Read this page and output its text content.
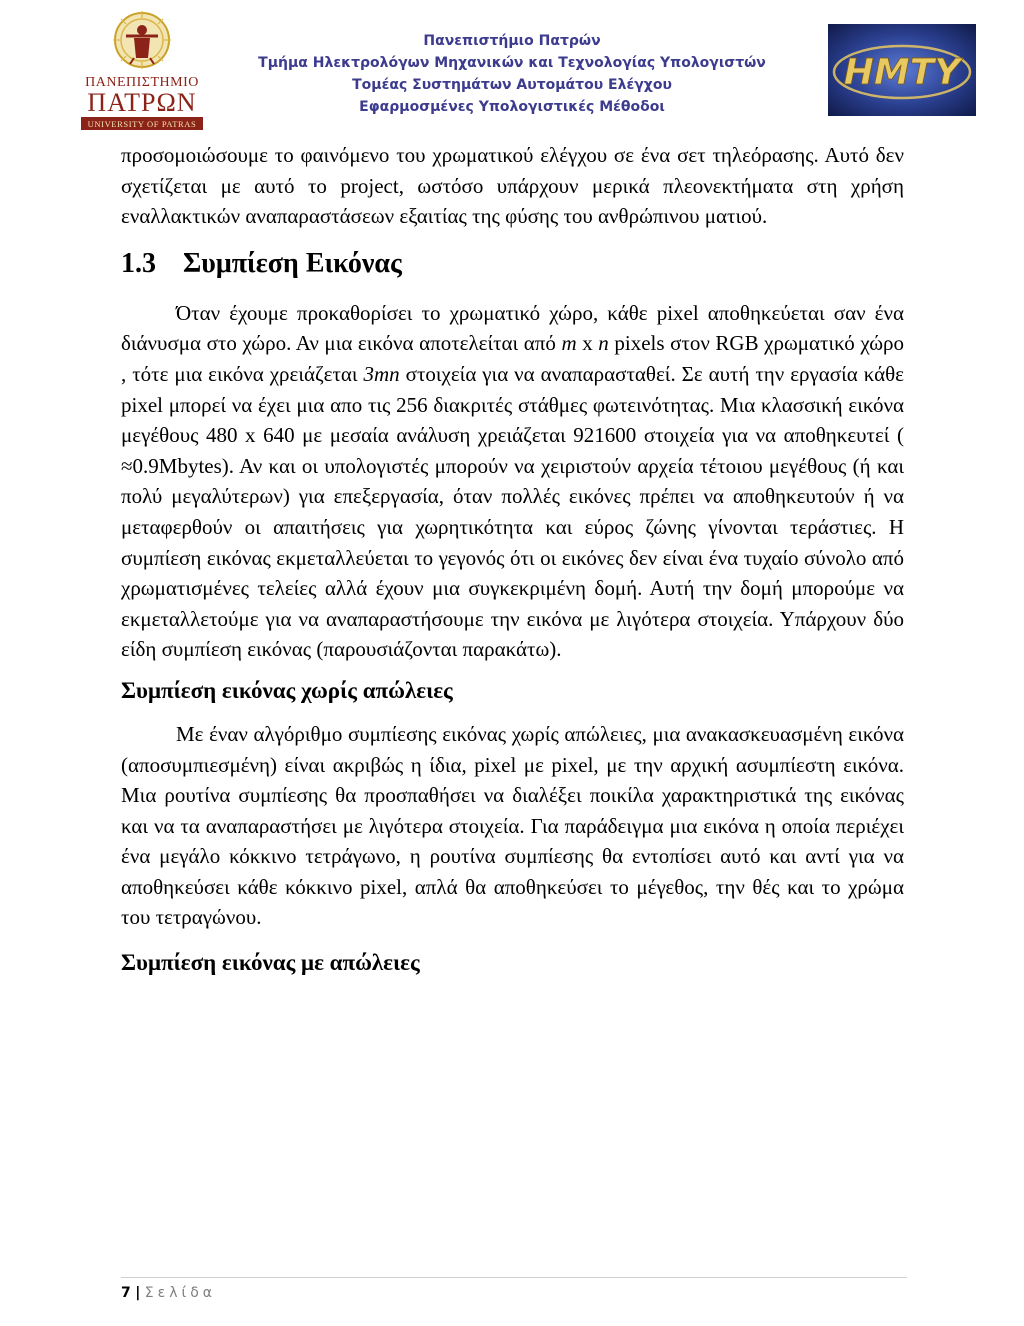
ΠΑΝΕΠΙΣΤΗΜΙΟ
ΠΑΤΡΩΝ
UNIVERSITY OF PATRAS
Πανεπιστήμιο Πατρών
Τμήμα Ηλεκτρολόγων Μηχανικών και Τεχνολογίας Υπολογιστών
Τομέας Συστημάτων Αυτομάτου Ελέγχου
Εφαρμοσμένες Υπολογιστικές Μέθοδοι
HMTY

προσομοιώσουμε το φαινόμενο του χρωματικού ελέγχου σε ένα σετ τηλεόρασης. Αυτό δεν σχετίζεται με αυτό το project, ωστόσο υπάρχουν μερικά πλεονεκτήματα στη χρήση εναλλακτικών αναπαραστάσεων εξαιτίας της φύσης του ανθρώπινου ματιού.

1.3 Συμπίεση Εικόνας

Όταν έχουμε προκαθορίσει το χρωματικό χώρο, κάθε pixel αποθηκεύεται σαν ένα διάνυσμα στο χώρο. Αν μια εικόνα αποτελείται από m x n pixels στον RGB χρωματικό χώρο , τότε μια εικόνα χρειάζεται 3mn στοιχεία για να αναπαρασταθεί. Σε αυτή την εργασία κάθε pixel μπορεί να έχει μια απο τις 256 διακριτές στάθμες φωτεινότητας. Μια κλασσική εικόνα μεγέθους 480 x 640 με μεσαία ανάλυση χρειάζεται 921600 στοιχεία για να αποθηκευτεί ( ≈0.9Mbytes). Αν και οι υπολογιστές μπορούν να χειριστούν αρχεία τέτοιου μεγέθους (ή και πολύ μεγαλύτερων) για επεξεργασία, όταν πολλές εικόνες πρέπει να αποθηκευτούν ή να μεταφερθούν οι απαιτήσεις για χωρητικότητα και εύρος ζώνης γίνονται τεράστιες. Η συμπίεση εικόνας εκμεταλλεύεται το γεγονός ότι οι εικόνες δεν είναι ένα τυχαίο σύνολο από χρωματισμένες τελείες αλλά έχουν μια συγκεκριμένη δομή. Αυτή την δομή μπορούμε να εκμεταλλετούμε για να αναπαραστήσουμε την εικόνα με λιγότερα στοιχεία. Υπάρχουν δύο είδη συμπίεση εικόνας (παρουσιάζονται παρακάτω).

Συμπίεση εικόνας χωρίς απώλειες

Με έναν αλγόριθμο συμπίεσης εικόνας χωρίς απώλειες, μια ανακασκευασμένη εικόνα (αποσυμπιεσμένη) είναι ακριβώς η ίδια, pixel με pixel, με την αρχική ασυμπίεστη εικόνα. Μια ρουτίνα συμπίεσης θα προσπαθήσει να διαλέξει ποικίλα χαρακτηριστικά της εικόνας και να τα αναπαραστήσει με λιγότερα στοιχεία. Για παράδειγμα μια εικόνα η οποία περιέχει ένα μεγάλο κόκκινο τετράγωνο, η ρουτίνα συμπίεσης θα εντοπίσει αυτό και αντί για να αποθηκεύσει κάθε κόκκινο pixel, απλά θα αποθηκεύσει το μέγεθος, την θές και το χρώμα του τετραγώνου.

Συμπίεση εικόνας με απώλειες
7 | Σελίδα
